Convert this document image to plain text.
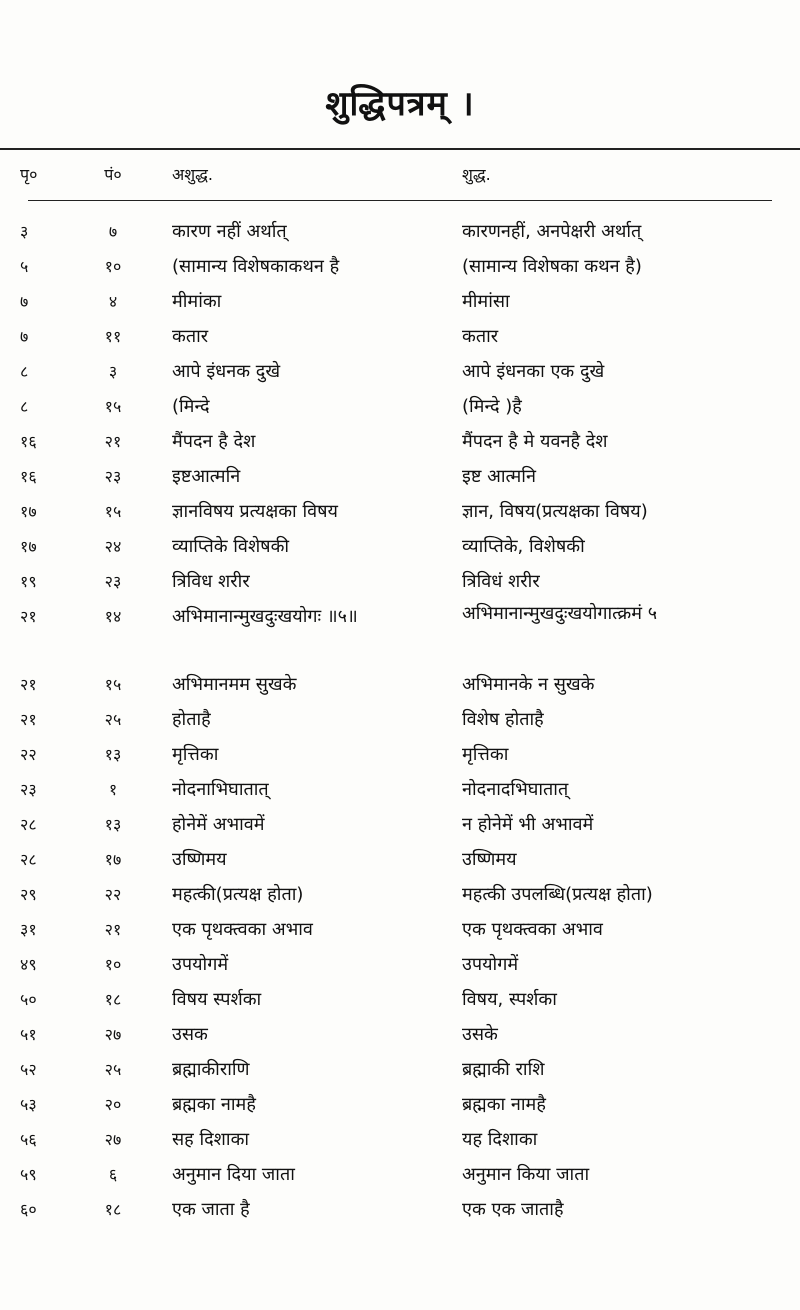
शुद्धिपत्रम् ।
पृ०	पं०	अशुद्ध.	शुद्ध.
३	७	कारण नहीं अर्थात्	कारणनहीं, अनपेक्षरी अर्थात्
५	१०	(सामान्य विशेषकाकथन है	(सामान्य विशेषका कथन है)
७	४	मीमांका	मीमांसा
७	११	कतार	कतार
८	३	आपे इंधनक दुखे	आपे इंधनका एक दुखे
८	१५	(मिन्दे	(मिन्दे )है
१६	२१	मैंपदन है देश	मैंपदन है मे यवनहै देश
१६	२३	इष्टआत्मनि	इष्ट आत्मनि
१७	१५	ज्ञानविषय प्रत्यक्षका विषय	ज्ञान, विषय(प्रत्यक्षका विषय)
१७	२४	व्याप्तिके विशेषकी	व्याप्तिके, विशेषकी
१९	२३	त्रिविध शरीर	त्रिविधं शरीर
२१	१४	अभिमानान्मुखदुःखयोगः ॥५॥	अभिमानान्मुखदुःखयोगात्क्रमं ५
२१	१५	अभिमानमम सुखके	अभिमानके न सुखके
२१	२५	होताहै	विशेष होताहै
२२	१३	मृत्तिका	मृत्तिका
२३	१	नोदनाभिघातात्	नोदनादभिघातात्
२८	१३	होनेमें अभावमें	न होनेमें भी अभावमें
२८	१७	उष्णिमय	उष्णिमय
२९	२२	महत्की(प्रत्यक्ष होता)	महत्की उपलब्धि(प्रत्यक्ष होता)
३१	२१	एक पृथक्त्वका अभाव	एक पृथक्त्वका अभाव
४९	१०	उपयोगमें	उपयोगमें
५०	१८	विषय स्पर्शका	विषय, स्पर्शका
५१	२७	उसक	उसके
५२	२५	ब्रह्माकीराणि	ब्रह्माकी राशि
५३	२०	ब्रह्मका नामहै	ब्रह्मका नामहै
५६	२७	सह दिशाका	यह दिशाका
५९	६	अनुमान दिया जाता	अनुमान किया जाता
६०	१८	एक जाता है	एक एक जाताहै
